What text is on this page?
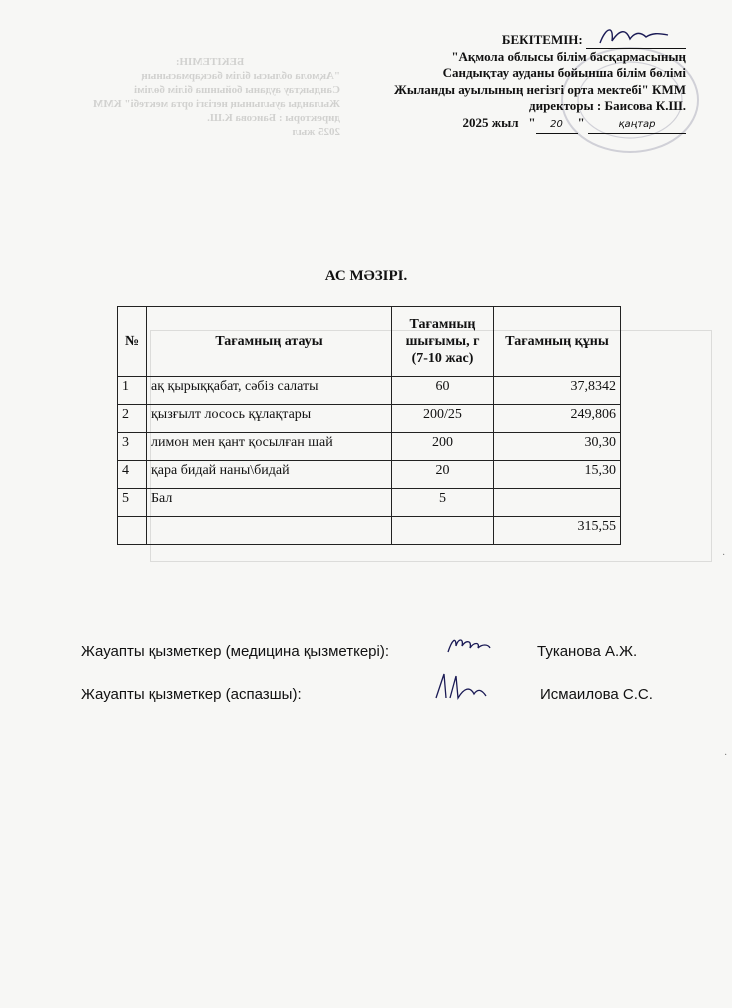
БЕКІТЕМІН:
"Ақмола облысы білім басқармасының
Сандықтау ауданы бойынша білім бөлімі
Жыланды ауылының негізгі орта мектебі" КММ
директоры : Баисова К.Ш.
2025 жыл
БЕКІТЕМІН:
"Ақмола облысы білім басқармасының
Сандықтау ауданы бойынша білім бөлімі
Жыланды ауылының негізгі орта мектебі" КММ
директоры : Баисова К.Ш.
2025 жыл   " 20 "	қаңтар
АС МӘЗІРІ.
№	Тағамның атауы	Тағамның шығымы, г (7-10 жас)	Тағамның құны
1	ақ қырыққабат, сәбіз салаты	60	37,8342
2	қызғылт лосось құлақтары	200/25	249,806
3	лимон мен қант қосылған шай	200	30,30
4	қара бидай наны\бидай	20	15,30
5	Бал	5	
			315,55
Жауапты қызметкер (медицина қызметкері):	Туканова А.Ж.
Жауапты қызметкер (аспазшы):	Исмаилова С.С.
·
·
